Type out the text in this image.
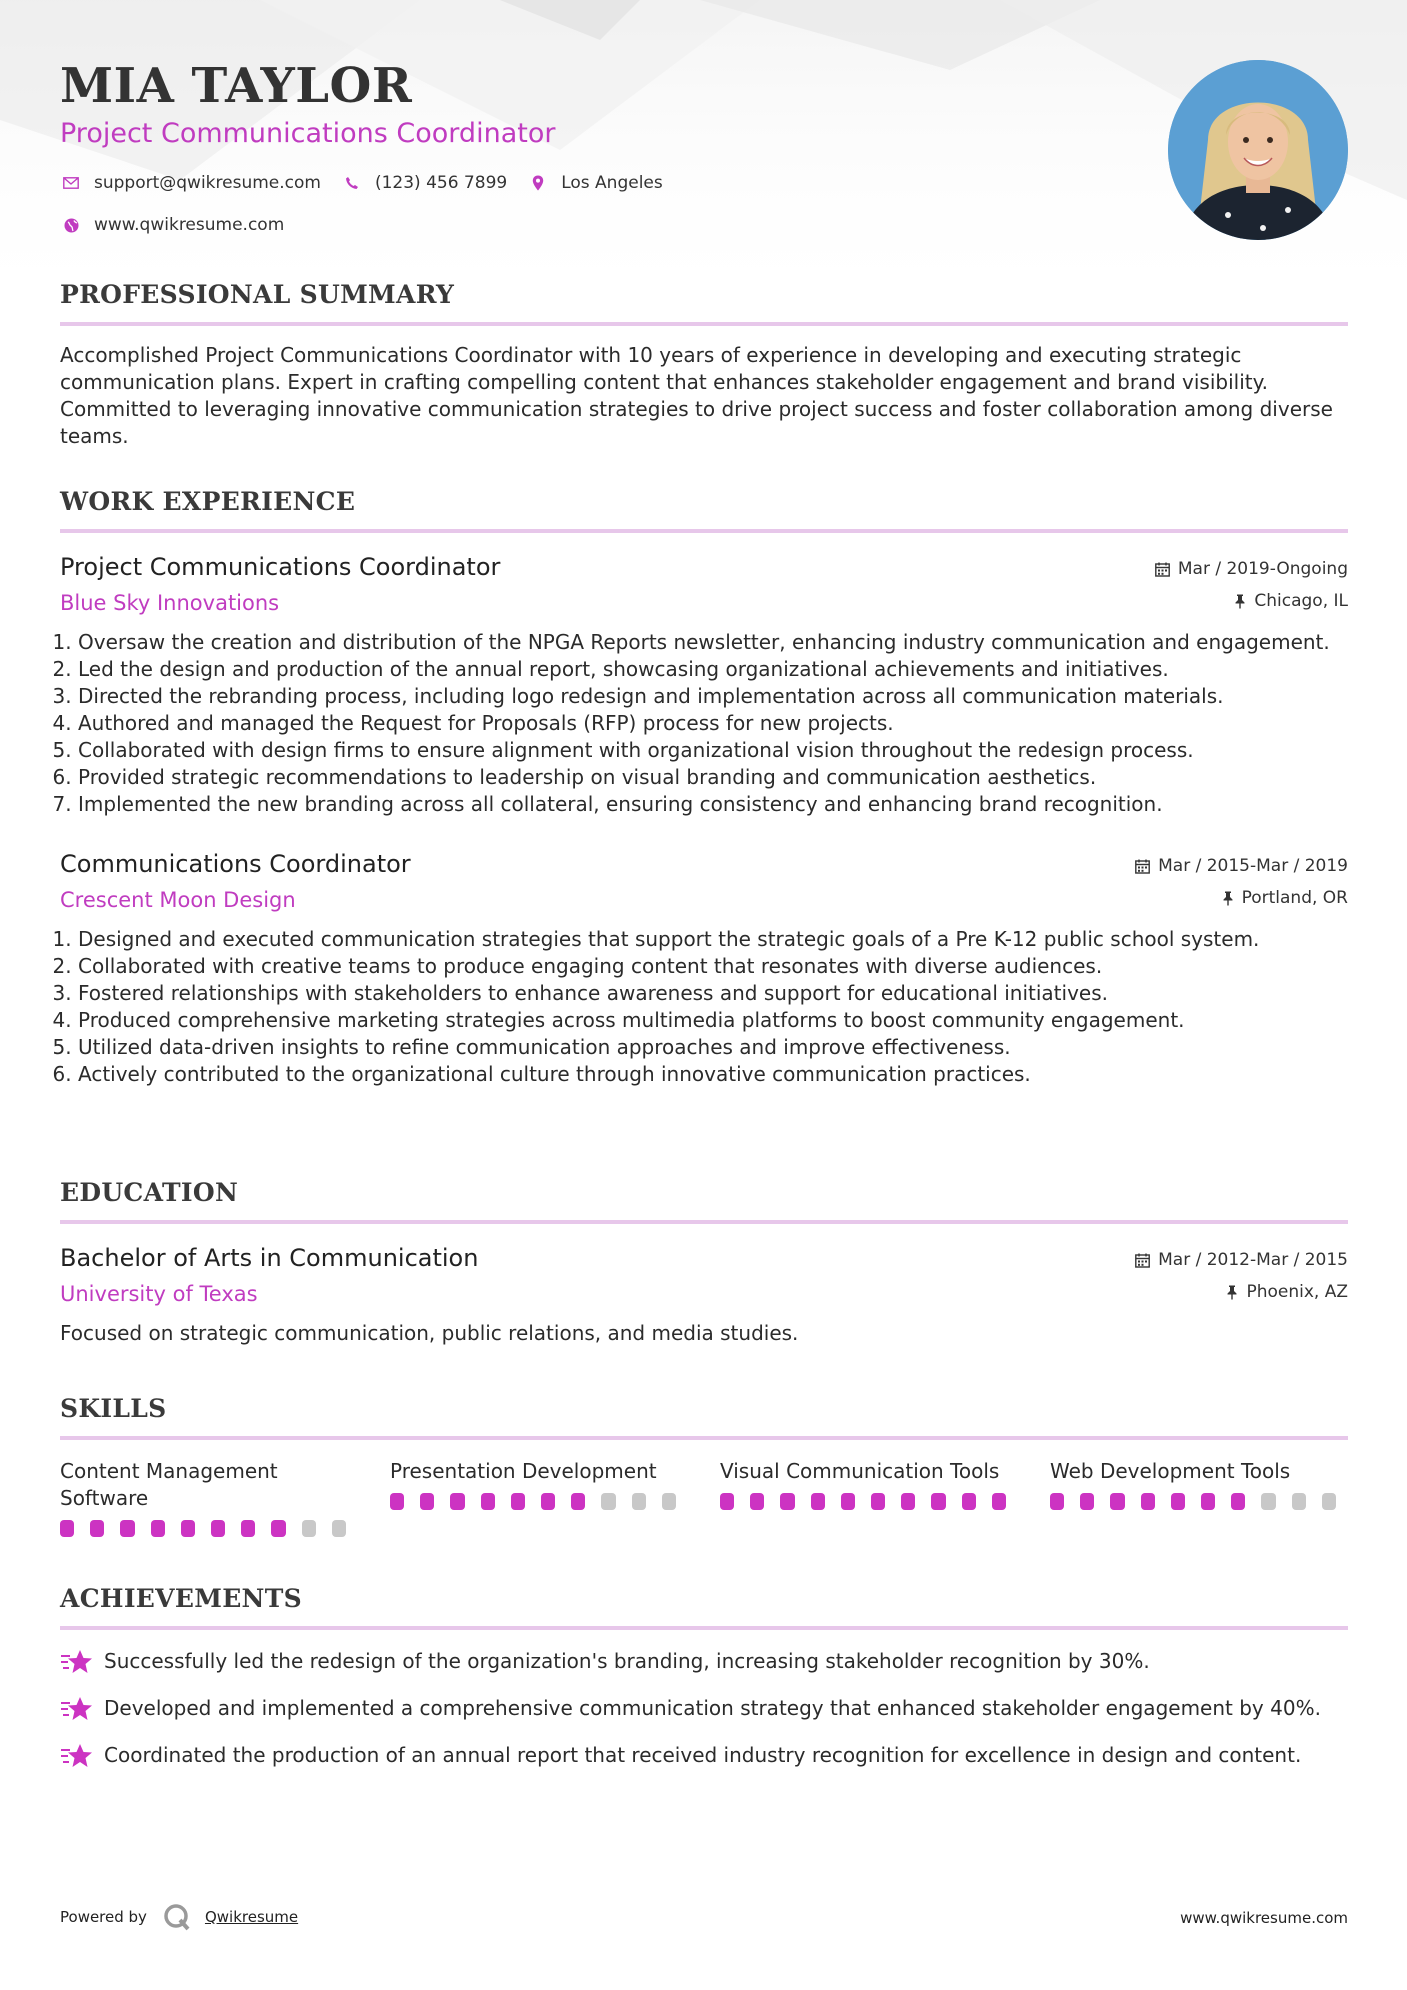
MIA TAYLOR
Project Communications Coordinator
support@qwikresume.com	(123) 456 7899	Los Angeles
www.qwikresume.com
PROFESSIONAL SUMMARY

Accomplished Project Communications Coordinator with 10 years of experience in developing and executing strategic communication plans. Expert in crafting compelling content that enhances stakeholder engagement and brand visibility. Committed to leveraging innovative communication strategies to drive project success and foster collaboration among diverse teams.

WORK EXPERIENCE
Project Communications Coordinator
Blue Sky Innovations
Mar / 2019-Ongoing
Chicago, IL
1. Oversaw the creation and distribution of the NPGA Reports newsletter, enhancing industry communication and engagement.
2. Led the design and production of the annual report, showcasing organizational achievements and initiatives.
3. Directed the rebranding process, including logo redesign and implementation across all communication materials.
4. Authored and managed the Request for Proposals (RFP) process for new projects.
5. Collaborated with design firms to ensure alignment with organizational vision throughout the redesign process.
6. Provided strategic recommendations to leadership on visual branding and communication aesthetics.
7. Implemented the new branding across all collateral, ensuring consistency and enhancing brand recognition.
Communications Coordinator
Crescent Moon Design
Mar / 2015-Mar / 2019
Portland, OR
1. Designed and executed communication strategies that support the strategic goals of a Pre K-12 public school system.
2. Collaborated with creative teams to produce engaging content that resonates with diverse audiences.
3. Fostered relationships with stakeholders to enhance awareness and support for educational initiatives.
4. Produced comprehensive marketing strategies across multimedia platforms to boost community engagement.
5. Utilized data-driven insights to refine communication approaches and improve effectiveness.
6. Actively contributed to the organizational culture through innovative communication practices.
EDUCATION
Bachelor of Arts in Communication
University of Texas
Mar / 2012-Mar / 2015
Phoenix, AZ

Focused on strategic communication, public relations, and media studies.

SKILLS
Content Management Software
Presentation Development	Visual Communication Tools	Web Development Tools
ACHIEVEMENTS
Successfully led the redesign of the organization's branding, increasing stakeholder recognition by 30%.
Developed and implemented a comprehensive communication strategy that enhanced stakeholder engagement by 40%.
Coordinated the production of an annual report that received industry recognition for excellence in design and content.
Powered by	Qwikresume	www.qwikresume.com
